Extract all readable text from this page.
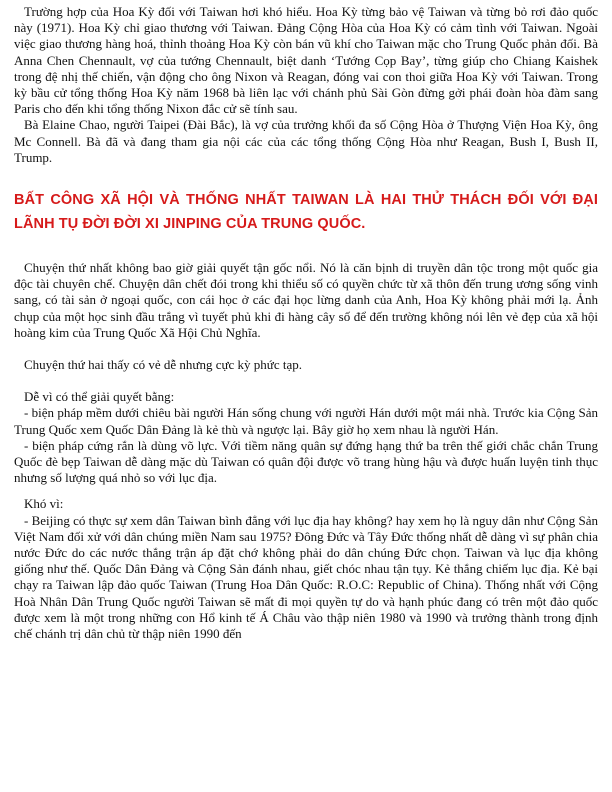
Trường hợp của Hoa Kỳ đối với Taiwan hơi khó hiểu. Hoa Kỳ từng bảo vệ Taiwan và từng bỏ rơi đảo quốc này (1971). Hoa Kỳ chỉ giao thương với Taiwan. Đảng Cộng Hòa của Hoa Kỳ có cảm tình với Taiwan. Ngoài việc giao thương hàng hoá, thỉnh thoảng Hoa Kỳ còn bán vũ khí cho Taiwan mặc cho Trung Quốc phản đối. Bà Anna Chen Chennault, vợ của tướng Chennault, biệt danh ‘Tướng Cọp Bay’, từng giúp cho Chiang Kaishek trong đệ nhị thế chiến, vận động cho ông Nixon và Reagan, đóng vai con thoi giữa Hoa Kỳ với Taiwan. Trong kỳ bầu cử tổng thống Hoa Kỳ năm 1968 bà liên lạc với chánh phủ Sài Gòn đừng gởi phái đoàn hòa đàm sang Paris cho đến khi tổng thống Nixon đắc cử sẽ tính sau.

Bà Elaine Chao, người Taipei (Đài Bắc), là vợ của trưởng khối đa số Cộng Hòa ở Thượng Viện Hoa Kỳ, ông Mc Connell. Bà đã và đang tham gia nội các của các tổng thống Cộng Hòa như Reagan, Bush I, Bush II, Trump.

BẤT CÔNG XÃ HỘI VÀ THỐNG NHẤT TAIWAN LÀ HAI THỬ THÁCH ĐỐI VỚI ĐẠI LÃNH TỤ ĐỜI ĐỜI XI JINPING CỦA TRUNG QUỐC.

Chuyện thứ nhất không bao giờ giải quyết tận gốc nổi. Nó là căn bịnh di truyền dân tộc trong một quốc gia độc tài chuyên chế. Chuyện dân chết đói trong khi thiểu số có quyền chức từ xã thôn đến trung ương sống vinh sang, có tài sản ở ngoại quốc, con cái học ở các đại học lừng danh của Anh, Hoa Kỳ không phải mới lạ. Ảnh chụp của một học sinh đầu trắng vì tuyết phủ khi đi hàng cây số để đến trường không nói lên vẻ đẹp của xã hội hoàng kim của Trung Quốc Xã Hội Chủ Nghĩa.

Chuyện thứ hai thấy có vẻ dễ nhưng cực kỳ phức tạp.

Dễ vì có thể giải quyết bằng:

- biện pháp mềm dưới chiêu bài người Hán sống chung với người Hán dưới một mái nhà. Trước kia Cộng Sản Trung Quốc xem Quốc Dân Đảng là kẻ thù và ngược lại. Bây giờ họ xem nhau là người Hán.

- biện pháp cứng rắn là dùng võ lực. Với tiềm năng quân sự đứng hạng thứ ba trên thế giới chắc chắn Trung Quốc đè bẹp Taiwan dễ dàng mặc dù Taiwan có quân đội được võ trang hùng hậu và được huấn luyện tinh thục nhưng số lượng quá nhỏ so với lục địa.

Khó vì:

- Beijing có thực sự xem dân Taiwan bình đẳng với lục địa hay không? hay xem họ là nguy dân như Cộng Sản Việt Nam đối xử với dân chúng miền Nam sau 1975? Đông Đức và Tây Đức thống nhất dễ dàng vì sự phân chia nước Đức do các nước thắng trận áp đặt chớ không phải do dân chúng Đức chọn. Taiwan và lục địa không giống như thế. Quốc Dân Đảng và Cộng Sản đánh nhau, giết chóc nhau tận tụy. Kẻ thắng chiếm lục địa. Kẻ bại chạy ra Taiwan lập đảo quốc Taiwan (Trung Hoa Dân Quốc: R.O.C: Republic of China). Thống nhất với Cộng Hoà Nhân Dân Trung Quốc người Taiwan sẽ mất đi mọi quyền tự do và hạnh phúc đang có trên một đảo quốc được xem là một trong những con Hổ kinh tế Á Châu vào thập niên 1980 và 1990 và trưởng thành trong định chế chánh trị dân chủ từ thập niên 1990 đến
